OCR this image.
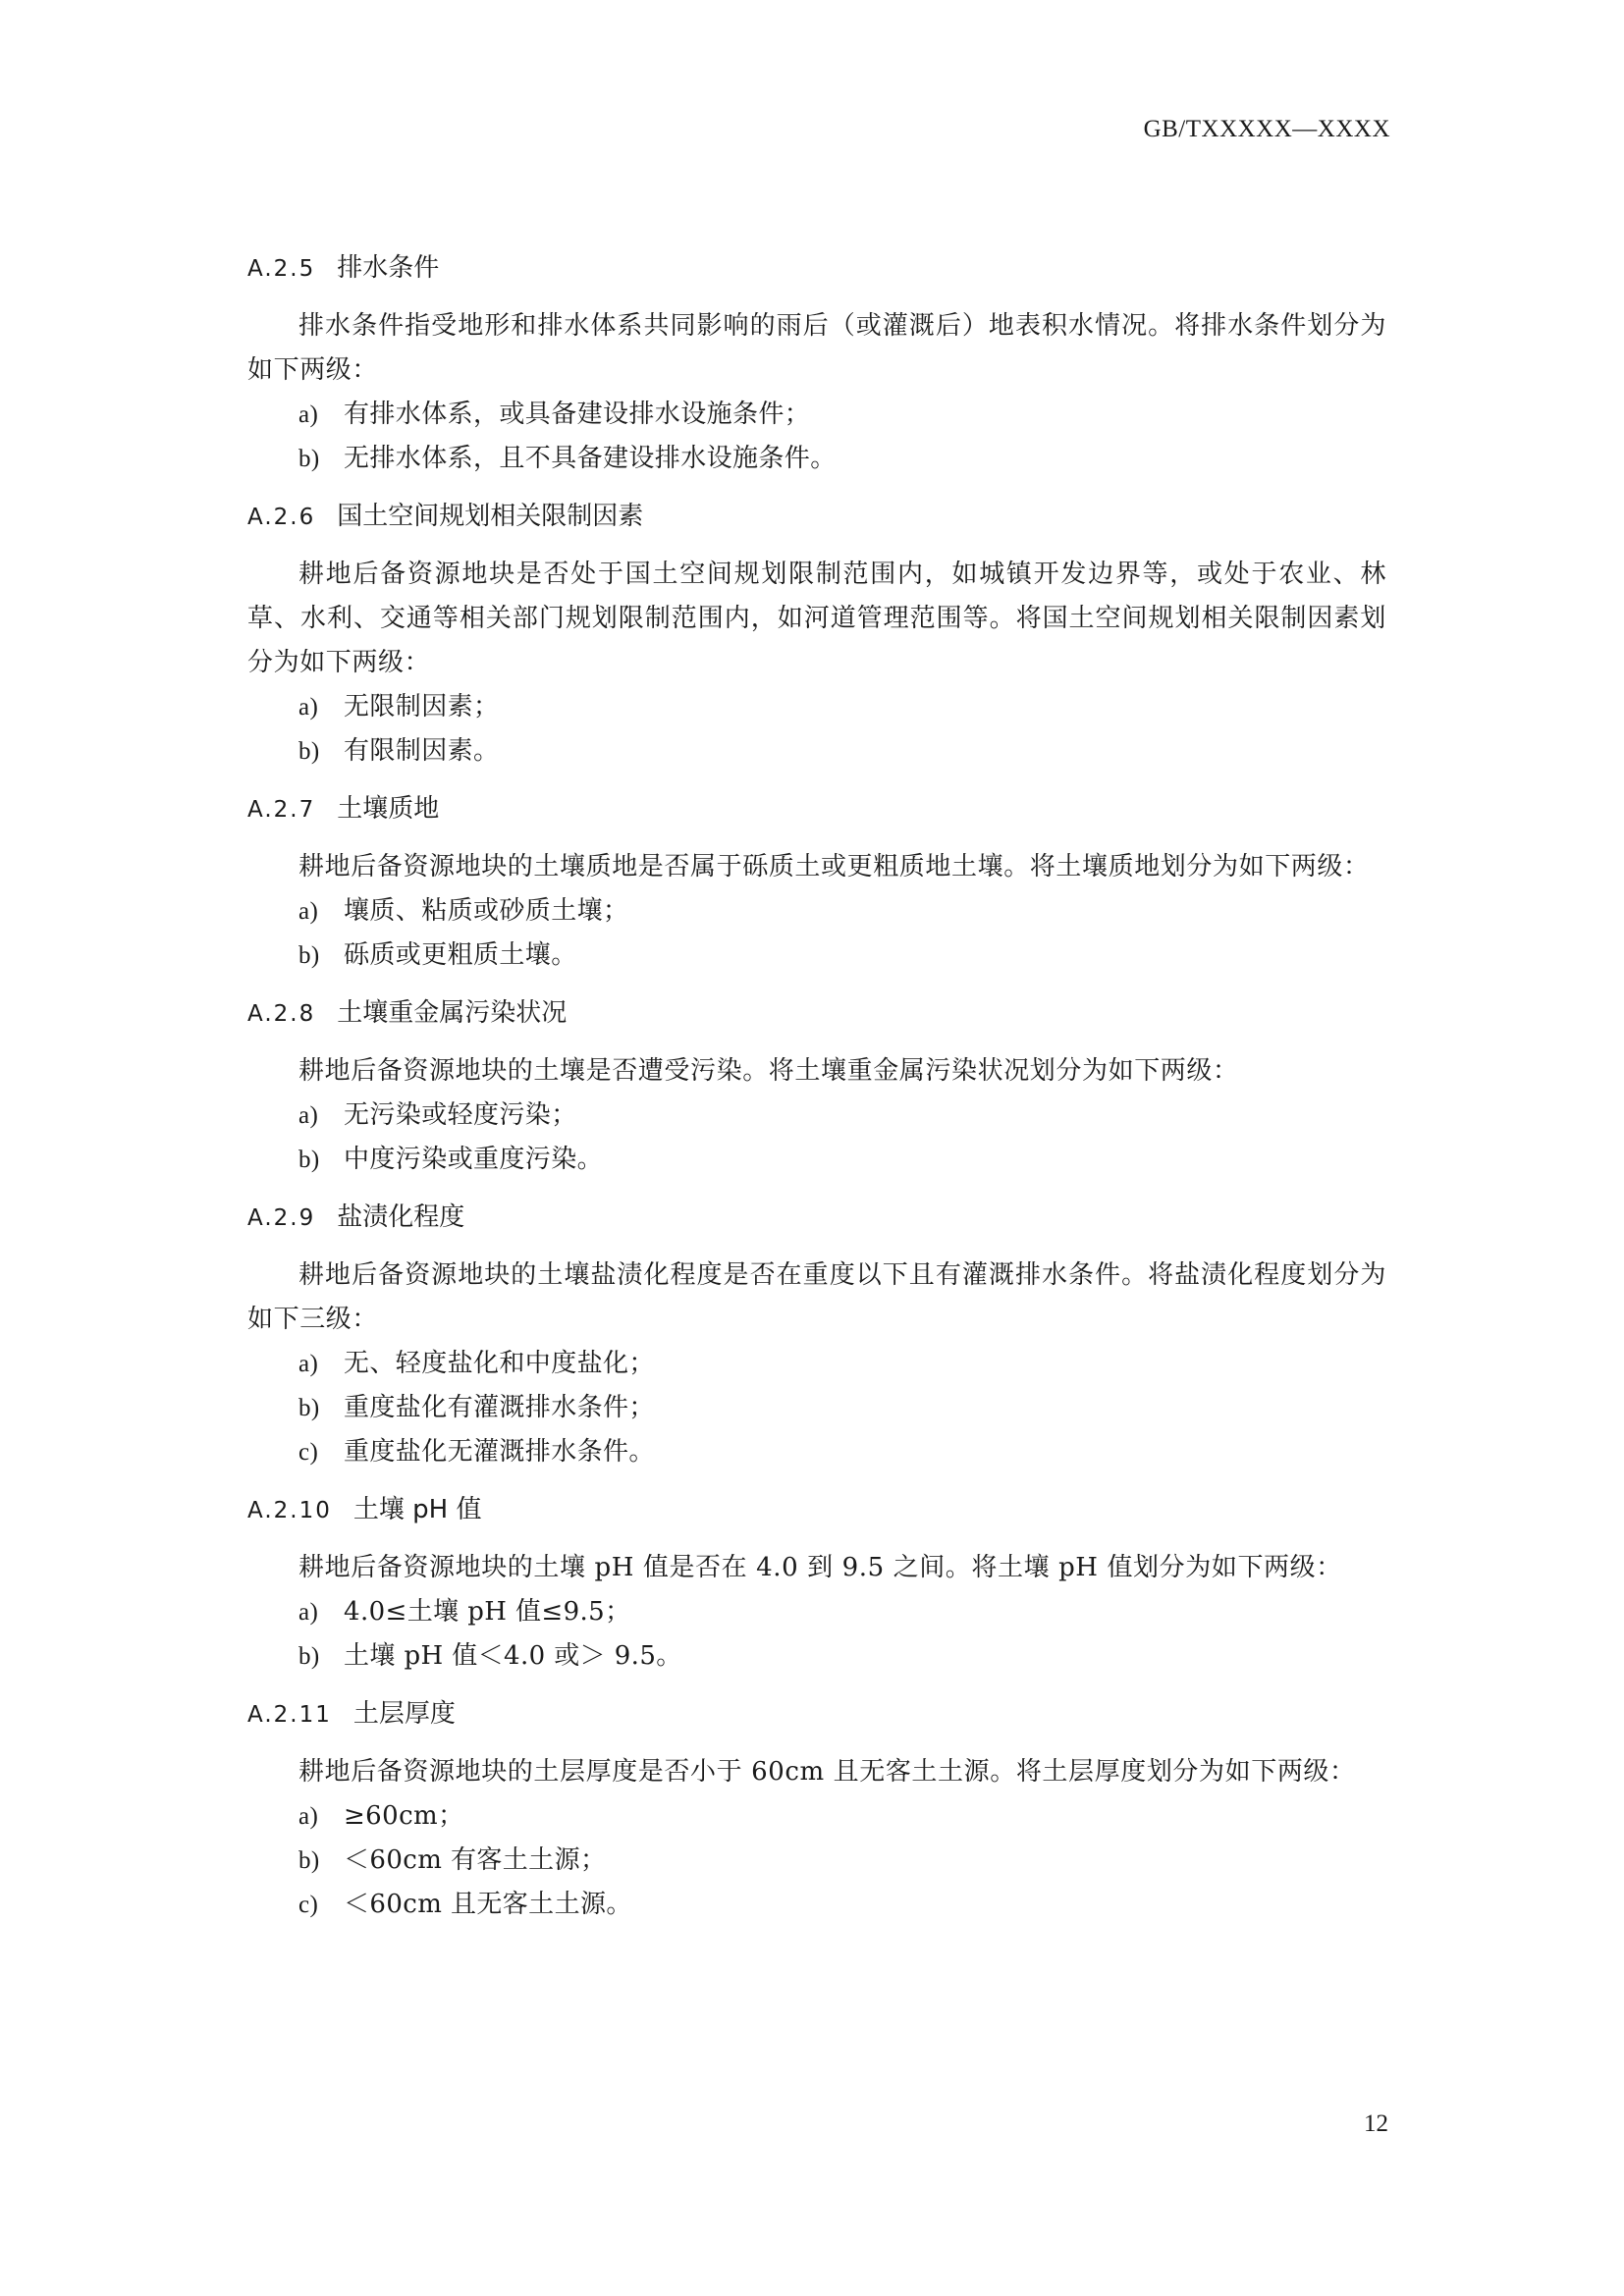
GB/TXXXXX—XXXX
A.2.5 排水条件

排水条件指受地形和排水体系共同影响的雨后（或灌溉后）地表积水情况。将排水条件划分为如下两级：

a) 有排水体系，或具备建设排水设施条件；
b) 无排水体系，且不具备建设排水设施条件。
A.2.6 国土空间规划相关限制因素

耕地后备资源地块是否处于国土空间规划限制范围内，如城镇开发边界等，或处于农业、林草、水利、交通等相关部门规划限制范围内，如河道管理范围等。将国土空间规划相关限制因素划分为如下两级：

a) 无限制因素；
b) 有限制因素。
A.2.7 土壤质地

耕地后备资源地块的土壤质地是否属于砾质土或更粗质地土壤。将土壤质地划分为如下两级：

a) 壤质、粘质或砂质土壤；
b) 砾质或更粗质土壤。
A.2.8 土壤重金属污染状况

耕地后备资源地块的土壤是否遭受污染。将土壤重金属污染状况划分为如下两级：

a) 无污染或轻度污染；
b) 中度污染或重度污染。
A.2.9 盐渍化程度

耕地后备资源地块的土壤盐渍化程度是否在重度以下且有灌溉排水条件。将盐渍化程度划分为如下三级：

a) 无、轻度盐化和中度盐化；
b) 重度盐化有灌溉排水条件；
c) 重度盐化无灌溉排水条件。
A.2.10 土壤 pH 值

耕地后备资源地块的土壤 pH 值是否在 4.0 到 9.5 之间。将土壤 pH 值划分为如下两级：

a) 4.0≤土壤 pH 值≤9.5；
b) 土壤 pH 值＜4.0 或＞ 9.5。
A.2.11 土层厚度

耕地后备资源地块的土层厚度是否小于 60cm 且无客土土源。将土层厚度划分为如下两级：

a) ≥60cm；
b) ＜60cm 有客土土源；
c) ＜60cm 且无客土土源。
12
